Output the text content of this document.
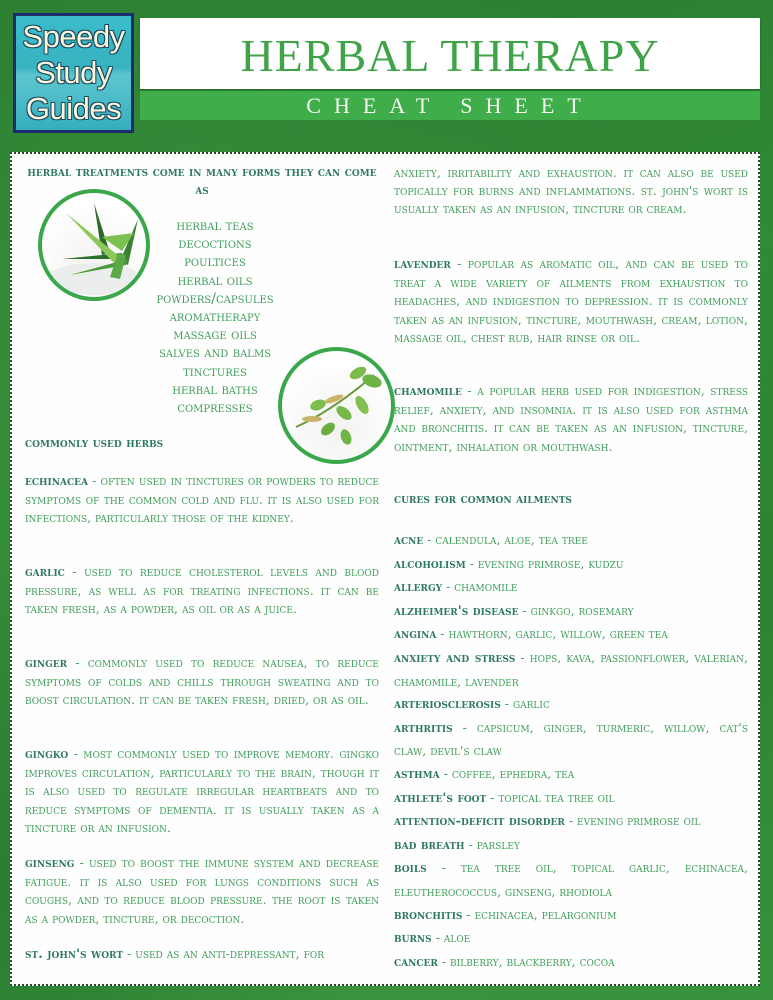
Speedy
Study
Guides
HERBAL THERAPY
CHEAT SHEET
herbal treatments come in many forms they can come as
herbal teas
decoctions
poultices
herbal oils
powders/capsules
aromatherapy
massage oils
salves and balms
tinctures
herbal baths
compresses
commonly used herbs
echinacea - often used in tinctures or powders to reduce symptoms of the common cold and flu. it is also used for infections, particularly those of the kidney.
garlic - used to reduce cholesterol levels and blood pressure, as well as for treating infections. it can be taken fresh, as a powder, as oil or as a juice.
ginger - commonly used to reduce nausea, to reduce symptoms of colds and chills through sweating and to boost circulation. it can be taken fresh, dried, or as oil.
gingko - most commonly used to improve memory. gingko improves circulation, particularly to the brain, though it is also used to regulate irregular heartbeats and to reduce symptoms of dementia. it is usually taken as a tincture or an infusion.
ginseng - used to boost the immune system and decrease fatigue. it is also used for lungs conditions such as coughs, and to reduce blood pressure. the root is taken as a powder, tincture, or decoction.
st. john's wort - used as an anti-depressant, for
anxiety, irritability and exhaustion. it can also be used topically for burns and inflammations. st. john's wort is usually taken as an infusion, tincture or cream.
lavender - popular as aromatic oil, and can be used to treat a wide variety of ailments from exhaustion to headaches, and indigestion to depression. it is commonly taken as an infusion, tincture, mouthwash, cream, lotion, massage oil, chest rub, hair rinse or oil.
chamomile - a popular herb used for indigestion, stress relief, anxiety, and insomnia. it is also used for asthma and bronchitis. it can be taken as an infusion, tincture, ointment, inhalation or mouthwash.
cures for common ailments
acne - calendula, aloe, tea tree
alcoholism - evening primrose, kudzu
allergy - chamomile
alzheimer's disease - ginkgo, rosemary
angina - hawthorn, garlic, willow, green tea
anxiety and stress - hops, kava, passionflower, valerian, chamomile, lavender
arteriosclerosis - garlic
arthritis - capsicum, ginger, turmeric, willow, cat's claw, devil's claw
asthma - coffee, ephedra, tea
athlete's foot - topical tea tree oil
attention-deficit disorder - evening primrose oil
bad breath - parsley
boils - tea tree oil, topical garlic, echinacea, eleutherococcus, ginseng, rhodiola
bronchitis - echinacea, pelargonium
burns - aloe
cancer - bilberry, blackberry, cocoa
